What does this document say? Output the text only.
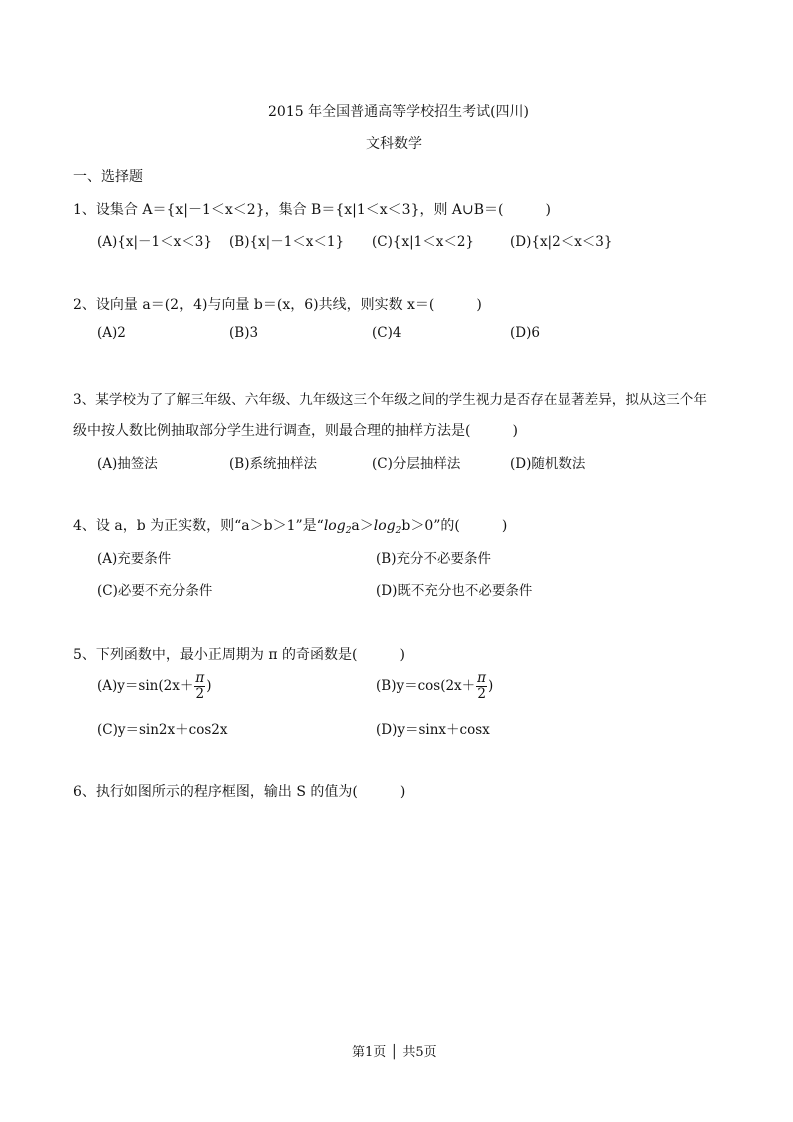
2015 年全国普通高等学校招生考试(四川)
文科数学
一、选择题
1、设集合 A＝{x|－1＜x＜2}，集合 B＝{x|1＜x＜3}，则 A∪B＝(　　　)
(A){x|－1＜x＜3} (B){x|－1＜x＜1} (C){x|1＜x＜2}	(D){x|2＜x＜3}
2、设向量 a＝(2，4)与向量 b＝(x，6)共线，则实数 x＝(　　　)
(A)2	(B)3	(C)4	(D)6
3、某学校为了了解三年级、六年级、九年级这三个年级之间的学生视力是否存在显著差异，拟从这三个年
级中按人数比例抽取部分学生进行调查，则最合理的抽样方法是(　　　)
(A)抽签法	(B)系统抽样法	(C)分层抽样法	(D)随机数法
4、设 a，b 为正实数，则“a＞b＞1”是“$\log_2a>\log_2b>0$”的(　　　)
(A)充要条件	(B)充分不必要条件
(C)必要不充分条件	(D)既不充分也不必要条件
5、下列函数中，最小正周期为 π 的奇函数是(　　　)
$(A)y=\sin(2x+ \frac{\pi}{2}$ )	$(B)y=\cos(2x+ \frac{\pi}{2}$ )
(C)y＝sin2x＋cos2x	(D)y＝sinx＋cosx
6、执行如图所示的程序框图，输出 S 的值为(　　　)
第1页 │ 共5页
